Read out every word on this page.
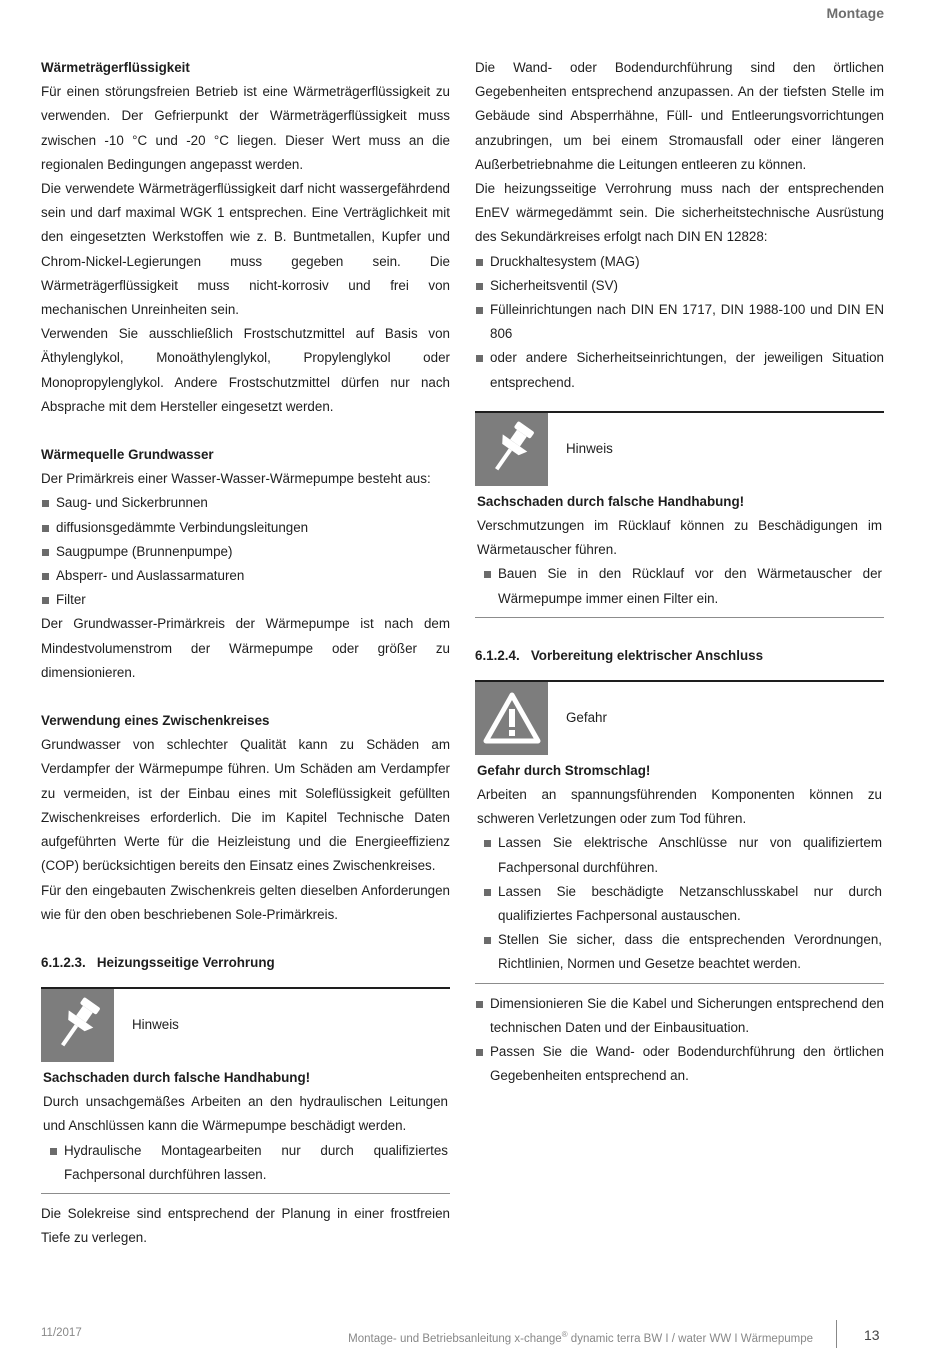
Montage
Wärmeträgerflüssigkeit

Für einen störungsfreien Betrieb ist eine Wärmeträgerflüssigkeit zu verwenden. Der Gefrierpunkt der Wärmeträgerflüssigkeit muss zwischen -10 °C und -20 °C liegen. Dieser Wert muss an die regionalen Bedingungen angepasst werden.

Die verwendete Wärmeträgerflüssigkeit darf nicht wassergefährdend sein und darf maximal WGK 1 entsprechen. Eine Verträglichkeit mit den eingesetzten Werkstoffen wie z. B. Buntmetallen, Kupfer und Chrom-Nickel-Legierungen muss gegeben sein. Die Wärmeträgerflüssigkeit muss nicht-korrosiv und frei von mechanischen Unreinheiten sein.

Verwenden Sie ausschließlich Frostschutzmittel auf Basis von Äthylenglykol, Monoäthylenglykol, Propylenglykol oder Monopropylenglykol. Andere Frostschutzmittel dürfen nur nach Absprache mit dem Hersteller eingesetzt werden.

Wärmequelle Grundwasser

Der Primärkreis einer Wasser-Wasser-Wärmepumpe besteht aus:

Saug- und Sickerbrunnen
diffusionsgedämmte Verbindungsleitungen
Saugpumpe (Brunnenpumpe)
Absperr- und Auslassarmaturen
Filter

Der Grundwasser-Primärkreis der Wärmepumpe ist nach dem Mindestvolumenstrom der Wärmepumpe oder größer zu dimensionieren.

Verwendung eines Zwischenkreises

Grundwasser von schlechter Qualität kann zu Schäden am Verdampfer der Wärmepumpe führen. Um Schäden am Verdampfer zu vermeiden, ist der Einbau eines mit Soleflüssigkeit gefüllten Zwischenkreises erforderlich. Die im Kapitel Technische Daten aufgeführten Werte für die Heizleistung und die Energieeffizienz (COP) berücksichtigen bereits den Einsatz eines Zwischenkreises.

Für den eingebauten Zwischenkreis gelten dieselben Anforderungen wie für den oben beschriebenen Sole-Primärkreis.

6.1.2.3. Heizungsseitige Verrohrung
Hinweis
Sachschaden durch falsche Handhabung!

Durch unsachgemäßes Arbeiten an den hydraulischen Leitungen und Anschlüssen kann die Wärmepumpe beschädigt werden.

Hydraulische Montagearbeiten nur durch qualifiziertes Fachpersonal durchführen lassen.

Die Solekreise sind entsprechend der Planung in einer frostfreien Tiefe zu verlegen.

Die Wand- oder Bodendurchführung sind den örtlichen Gegebenheiten entsprechend anzupassen. An der tiefsten Stelle im Gebäude sind Absperrhähne, Füll- und Entleerungsvorrichtungen anzubringen, um bei einem Stromausfall oder einer längeren Außerbetriebnahme die Leitungen entleeren zu können.

Die heizungsseitige Verrohrung muss nach der entsprechenden EnEV wärmegedämmt sein. Die sicherheitstechnische Ausrüstung des Sekundärkreises erfolgt nach DIN EN 12828:

Druckhaltesystem (MAG)
Sicherheitsventil (SV)
Fülleinrichtungen nach DIN EN 1717, DIN 1988-100 und DIN EN 806
oder andere Sicherheitseinrichtungen, der jeweiligen Situation entsprechend.
Hinweis
Sachschaden durch falsche Handhabung!

Verschmutzungen im Rücklauf können zu Beschädigungen im Wärmetauscher führen.

Bauen Sie in den Rücklauf vor den Wärmetauscher der Wärmepumpe immer einen Filter ein.
6.1.2.4. Vorbereitung elektrischer Anschluss
Gefahr
Gefahr durch Stromschlag!

Arbeiten an spannungsführenden Komponenten können zu schweren Verletzungen oder zum Tod führen.

Lassen Sie elektrische Anschlüsse nur von qualifiziertem Fachpersonal durchführen.
Lassen Sie beschädigte Netzanschlusskabel nur durch qualifiziertes Fachpersonal austauschen.
Stellen Sie sicher, dass die entsprechenden Verordnungen, Richtlinien, Normen und Gesetze beachtet werden.
Dimensionieren Sie die Kabel und Sicherungen entsprechend den technischen Daten und der Einbausituation.
Passen Sie die Wand- oder Bodendurchführung den örtlichen Gegebenheiten entsprechend an.
11/2017	Montage- und Betriebsanleitung x-change® dynamic terra BW I / water WW I Wärmepumpe	13
